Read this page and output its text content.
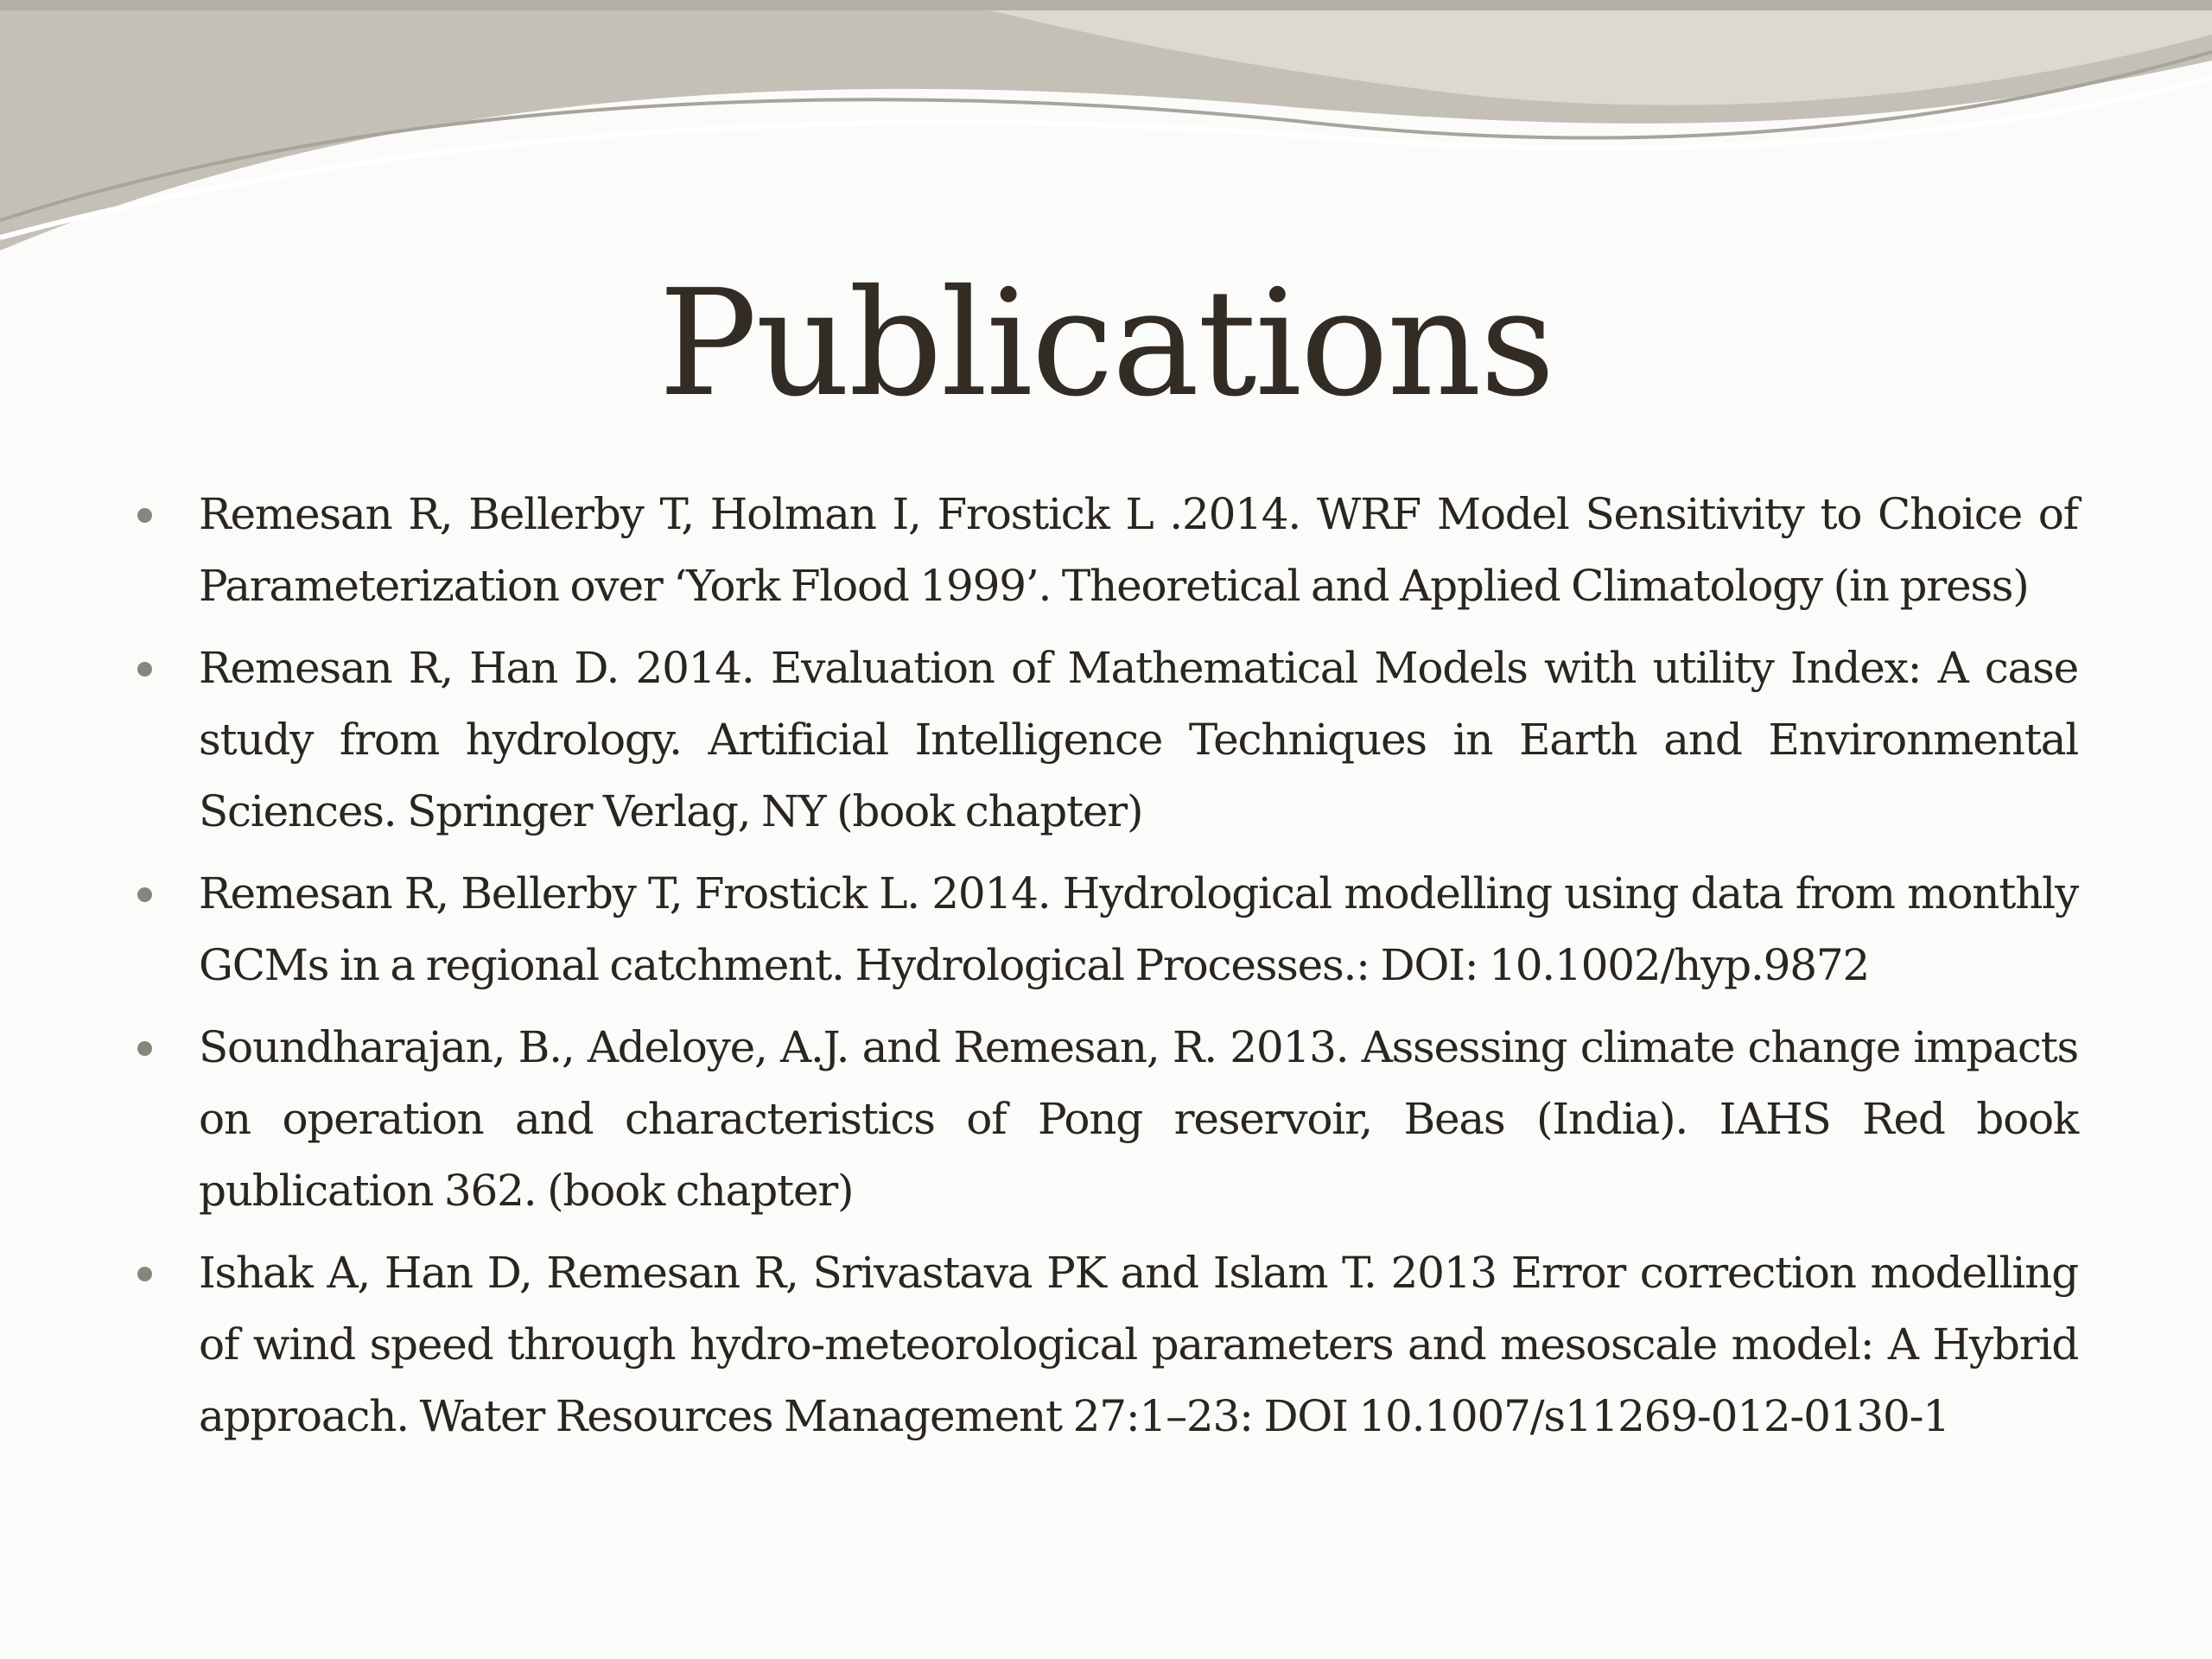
Publications
Remesan R, Bellerby T, Holman I, Frostick L .2014. WRF Model Sensitivity to Choice of Parameterization over ‘York Flood 1999’. Theoretical and Applied Climatology (in press)
Remesan R, Han D. 2014. Evaluation of Mathematical Models with utility Index: A case study from hydrology. Artificial Intelligence Techniques in Earth and Environmental Sciences. Springer Verlag, NY (book chapter)
Remesan R, Bellerby T, Frostick L. 2014. Hydrological modelling using data from monthly GCMs in a regional catchment. Hydrological Processes.: DOI: 10.1002/hyp.9872
Soundharajan, B., Adeloye, A.J. and Remesan, R. 2013. Assessing climate change impacts on operation and characteristics of Pong reservoir, Beas (India). IAHS Red book publication 362. (book chapter)
Ishak A, Han D, Remesan R, Srivastava PK and Islam T. 2013 Error correction modelling of wind speed through hydro-meteorological parameters and mesoscale model: A Hybrid approach. Water Resources Management 27:1–23: DOI 10.1007/s11269-012-0130-1
